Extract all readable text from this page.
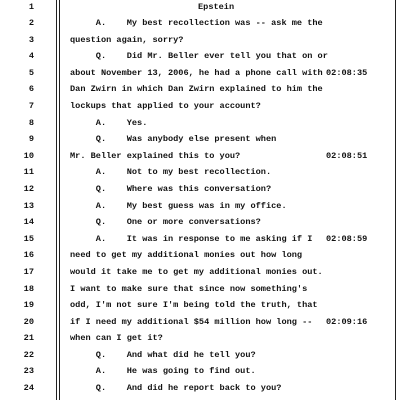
1	Epstein
2	A.    My best recollection was -- ask me the
3	question again, sorry?
4	Q.    Did Mr. Beller ever tell you that on or
5	about November 13, 2006, he had a phone call with 02:08:35
6	Dan Zwirn in which Dan Zwirn explained to him the
7	lockups that applied to your account?
8	A.    Yes.
9	Q.    Was anybody else present when
10	Mr. Beller explained this to you?	02:08:51
11	A.    Not to my best recollection.
12	Q.    Where was this conversation?
13	A.    My best guess was in my office.
14	Q.    One or more conversations?
15	A.    It was in response to me asking if I 02:08:59
16	need to get my additional monies out how long
17	would it take me to get my additional monies out.
18	I want to make sure that since now something's
19	odd, I'm not sure I'm being told the truth, that
20	if I need my additional $54 million how long -- 02:09:16
21	when can I get it?
22	Q.    And what did he tell you?
23	A.    He was going to find out.
24	Q.    And did he report back to you?
